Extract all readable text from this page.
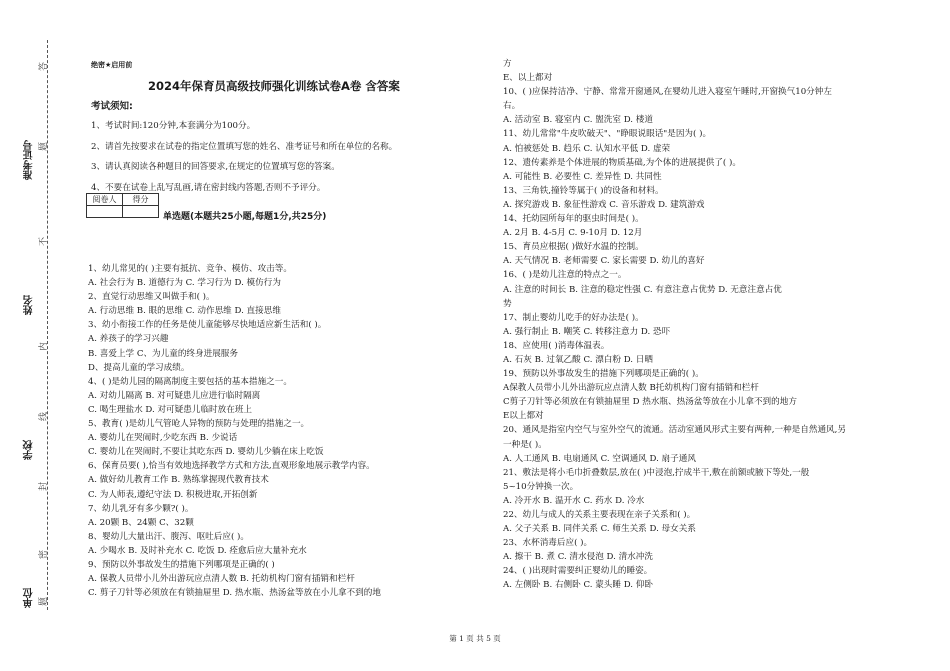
准考证号
姓名
学校
单位
答
题
不
内
线
封
密
题
绝密★启用前
2024年保育员高级技师强化训练试卷A卷 含答案
考试须知:
1、考试时间:120分钟,本套满分为100分。
2、请首先按要求在试卷的指定位置填写您的姓名、准考证号和所在单位的名称。
3、请认真阅读各种题目的回答要求,在规定的位置填写您的答案。
4、不要在试卷上乱写乱画,请在密封线内答题,否则不予评分。
阅卷人	得分

单选题(本题共25小题,每题1分,共25分)
1、幼儿常见的( )主要有抵抗、竞争、模仿、攻击等。
A. 社会行为 B. 道德行为 C. 学习行为 D. 模仿行为
2、直觉行动思维又叫做手和( )。
A. 行动思维 B. 眼的思维 C. 动作思维 D. 直接思维
3、幼小衔接工作的任务是使儿童能够尽快地适应新生活和( )。
A. 养孩子的学习兴趣
B. 喜爱上学 C、为儿童的终身进展服务
D、提高儿童的学习成绩。
4、( )是幼儿园的隔离制度主要包括的基本措施之一。
A. 对幼儿隔离 B. 对可疑患儿应进行临时隔离
C. 喝生理盐水 D. 对可疑患儿临时放在班上
5、教育( )是幼儿气管呛人异物的预防与处理的措施之一。
A. 婴幼儿在哭闹时,少吃东西 B. 少说话
C. 婴幼儿在哭闹时,不要让其吃东西 D. 婴幼儿少躺在床上吃饭
6、保育员要( ),恰当有效地选择教学方式和方法,直观形象地展示教学内容。
A. 做好幼儿教育工作 B. 熟练掌握现代教育技术
C. 为人师表,遵纪守法 D. 积极进取,开拓创新
7、幼儿乳牙有多少颗?( )。
A. 20颗 B、24颗 C、32颗
8、婴幼儿大量出汗、腹泻、呕吐后应( )。
A. 少喝水 B. 及时补充水 C. 吃饭 D. 痊愈后应大量补充水
9、预防以外事故发生的措施下列哪项是正确的( )
A. 保教人员带小儿外出游玩应点清人数 B. 托幼机构门窗有插销和栏杆
C. 剪子刀针等必须放在有锁抽屉里 D. 热水瓶、热汤盆等放在小儿拿不到的地
方
E、以上都对
10、( )应保持洁净、宁静、常常开窗通风,在婴幼儿进入寝室午睡时,开窗换气10分钟左
右。
A. 活动室 B. 寝室内 C. 盥洗室 D. 楼道
11、幼儿常常"牛皮吹破天"、"睁眼说眼话"是因为( )。
A. 怕被惩处 B. 趋乐 C. 认知水平低 D. 虚荣
12、遗传素养是个体进展的物质基础,为个体的进展提供了( )。
A. 可能性 B. 必要性 C. 差异性 D. 共同性
13、三角铁,撞铃等属于( )的设备和材料。
A. 探究游戏 B. 象征性游戏 C. 音乐游戏 D. 建筑游戏
14、托幼园所每年的驱虫时间是( )。
A. 2月 B. 4-5月 C. 9-10月 D. 12月
15、育员应根据( )做好水温的控制。
A. 天气情况 B. 老师需要 C. 家长需要 D. 幼儿的喜好
16、( )是幼儿注意的特点之一。
A. 注意的时间长 B. 注意的稳定性强 C. 有意注意占优势 D. 无意注意占优
势
17、制止婴幼儿吃手的好办法是( )。
A. 强行制止 B. 嘲笑 C. 转移注意力 D. 恐吓
18、应使用( )消毒体温表。
A. 石灰 B. 过氧乙酸 C. 漂白粉 D. 日晒
19、预防以外事故发生的措施下列哪项是正确的( )。
A保教人员带小儿外出游玩应点清人数 B托幼机构门窗有插销和栏杆
C剪子刀针等必须放在有锁抽屉里 D 热水瓶、热汤盆等放在小儿拿不到的地方
E以上都对
20、通风是指室内空气与室外空气的流通。活动室通风形式主要有两种,一种是自然通风,另
一种是( )。
A. 人工通风 B. 电扇通风 C. 空调通风 D. 扇子通风
21、敷法是将小毛巾折叠数层,放在( )中浸泡,拧成半干,敷在前额或腋下等处,一般
5~10分钟换一次。
A. 冷开水 B. 温开水 C. 药水 D. 冷水
22、幼儿与成人的关系主要表现在亲子关系和( )。
A. 父子关系 B. 同伴关系 C. 师生关系 D. 母女关系
23、水杯消毒后应( )。
A. 擦干 B. 煮 C. 清水侵泡 D. 清水冲洗
24、( )出现时需要纠正婴幼儿的睡姿。
A. 左侧卧 B. 右侧卧 C. 蒙头睡 D. 仰卧
第 1 页 共 5 页
